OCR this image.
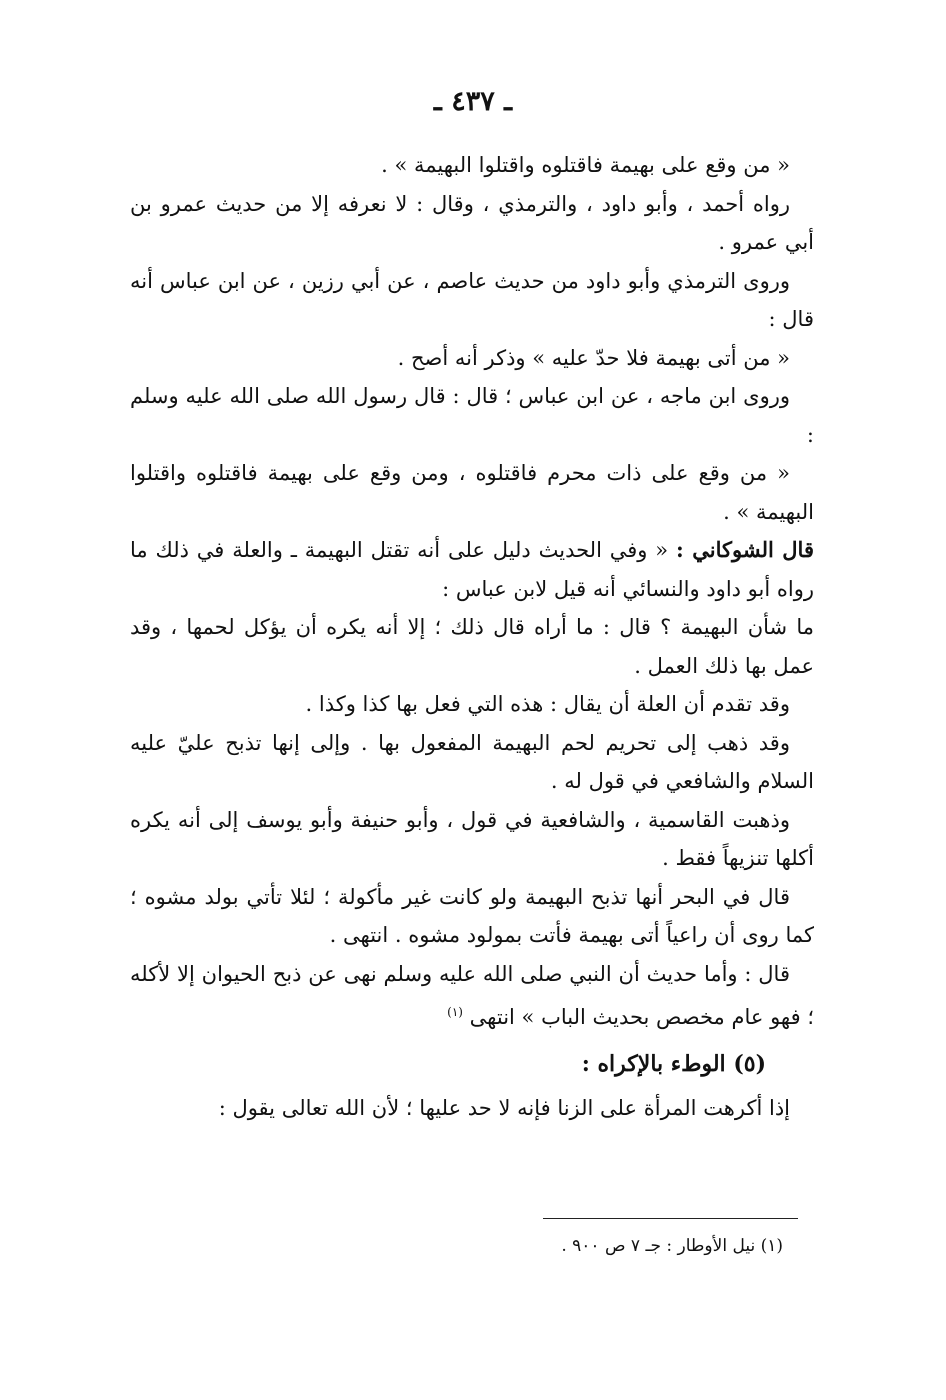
ـ ٤٣٧ ـ

« من وقع على بهيمة فاقتلوه واقتلوا البهيمة » .

رواه أحمد ، وأبو داود ، والترمذي ، وقال : لا نعرفه إلا من حديث عمرو بن أبي عمرو .

وروى الترمذي وأبو داود من حديث عاصم ، عن أبي رزين ، عن ابن عباس أنه قال :

« من أتى بهيمة فلا حدّ عليه » وذكر أنه أصح .

وروى ابن ماجه ، عن ابن عباس ؛ قال : قال رسول الله صلى الله عليه وسلم :

« من وقع على ذات محرم فاقتلوه ، ومن وقع على بهيمة فاقتلوه واقتلوا البهيمة » .

قال الشوكاني : « وفي الحديث دليل على أنه تقتل البهيمة ـ والعلة في ذلك ما رواه أبو داود والنسائي أنه قيل لابن عباس :

ما شأن البهيمة ؟ قال : ما أراه قال ذلك ؛ إلا أنه يكره أن يؤكل لحمها ، وقد عمل بها ذلك العمل .

وقد تقدم أن العلة أن يقال : هذه التي فعل بها كذا وكذا .

وقد ذهب إلى تحريم لحم البهيمة المفعول بها . وإلى إنها تذبح عليّ عليه السلام والشافعي في قول له .

وذهبت القاسمية ، والشافعية في قول ، وأبو حنيفة وأبو يوسف إلى أنه يكره أكلها تنزيهاً فقط .

قال في البحر أنها تذبح البهيمة ولو كانت غير مأكولة ؛ لئلا تأتي بولد مشوه ؛ كما روى أن راعياً أتى بهيمة فأتت بمولود مشوه . انتهى .

قال : وأما حديث أن النبي صلى الله عليه وسلم نهى عن ذبح الحيوان إلا لأكله ؛ فهو عام مخصص بحديث الباب » انتهى $^{(١)}$

(٥) الوطء بالإكراه :

إذا أكرهت المرأة على الزنا فإنه لا حد عليها ؛ لأن الله تعالى يقول :

(١) نيل الأوطار : جـ ٧ ص ٩٠٠ .
